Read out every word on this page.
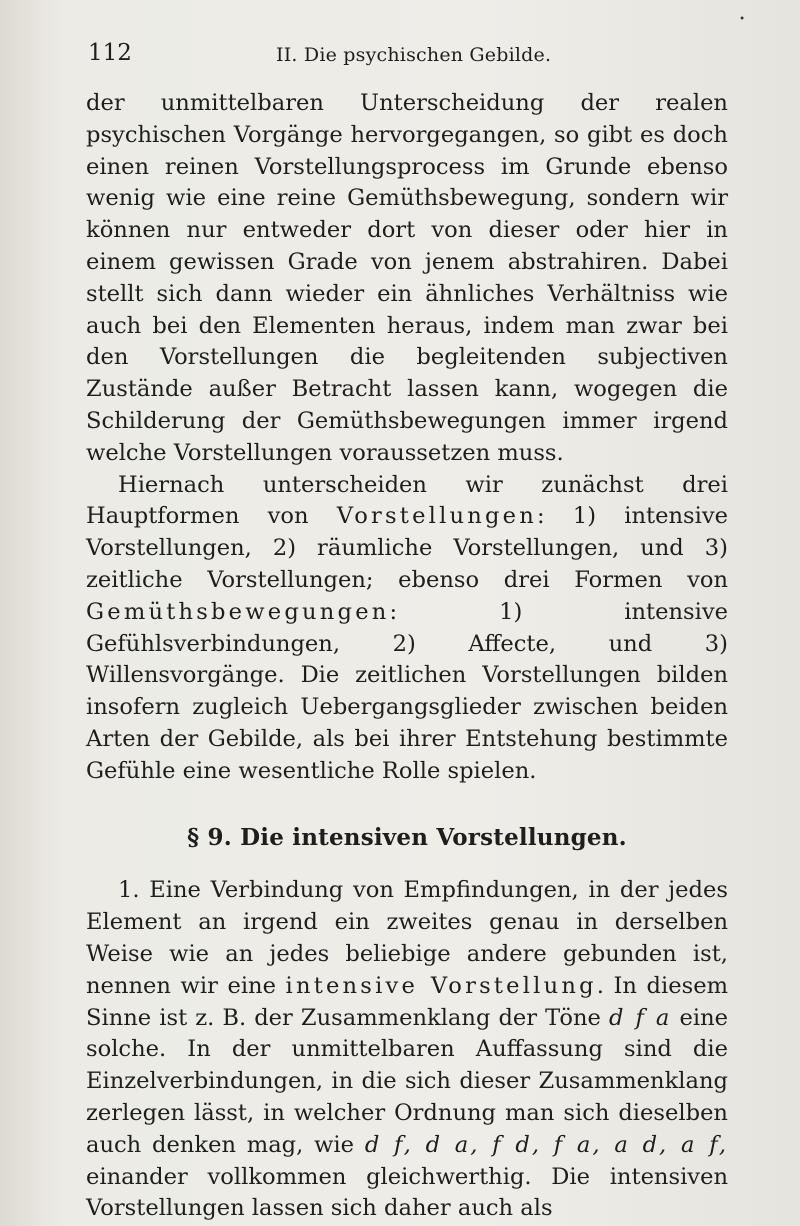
112	II. Die psychischen Gebilde.
•

der unmittelbaren Unterscheidung der realen psychischen Vorgänge hervorgegangen, so gibt es doch einen reinen Vorstellungsprocess im Grunde ebenso wenig wie eine reine Gemüthsbewegung, sondern wir können nur entweder dort von dieser oder hier in einem gewissen Grade von jenem abstrahiren. Dabei stellt sich dann wieder ein ähnliches Verhältniss wie auch bei den Elementen heraus, indem man zwar bei den Vorstellungen die begleitenden subjectiven Zustände außer Betracht lassen kann, wogegen die Schilderung der Gemüthsbewegungen immer irgend welche Vorstellungen voraussetzen muss.

Hiernach unterscheiden wir zunächst drei Hauptformen von Vorstellungen: 1) intensive Vorstellungen, 2) räumliche Vorstellungen, und 3) zeitliche Vorstellungen; ebenso drei Formen von Gemüthsbewegungen: 1) intensive Gefühlsverbindungen, 2) Affecte, und 3) Willensvorgänge. Die zeitlichen Vorstellungen bilden insofern zugleich Uebergangsglieder zwischen beiden Arten der Gebilde, als bei ihrer Entstehung bestimmte Gefühle eine wesentliche Rolle spielen.

§ 9. Die intensiven Vorstellungen.

1. Eine Verbindung von Empfindungen, in der jedes Element an irgend ein zweites genau in derselben Weise wie an jedes beliebige andere gebunden ist, nennen wir eine intensive Vorstellung. In diesem Sinne ist z. B. der Zusammenklang der Töne d f a eine solche. In der unmittelbaren Auffassung sind die Einzelverbindungen, in die sich dieser Zusammenklang zerlegen lässt, in welcher Ordnung man sich dieselben auch denken mag, wie d f, d a, f d, f a, a d, a f, einander vollkommen gleichwerthig. Die intensiven Vorstellungen lassen sich daher auch als
